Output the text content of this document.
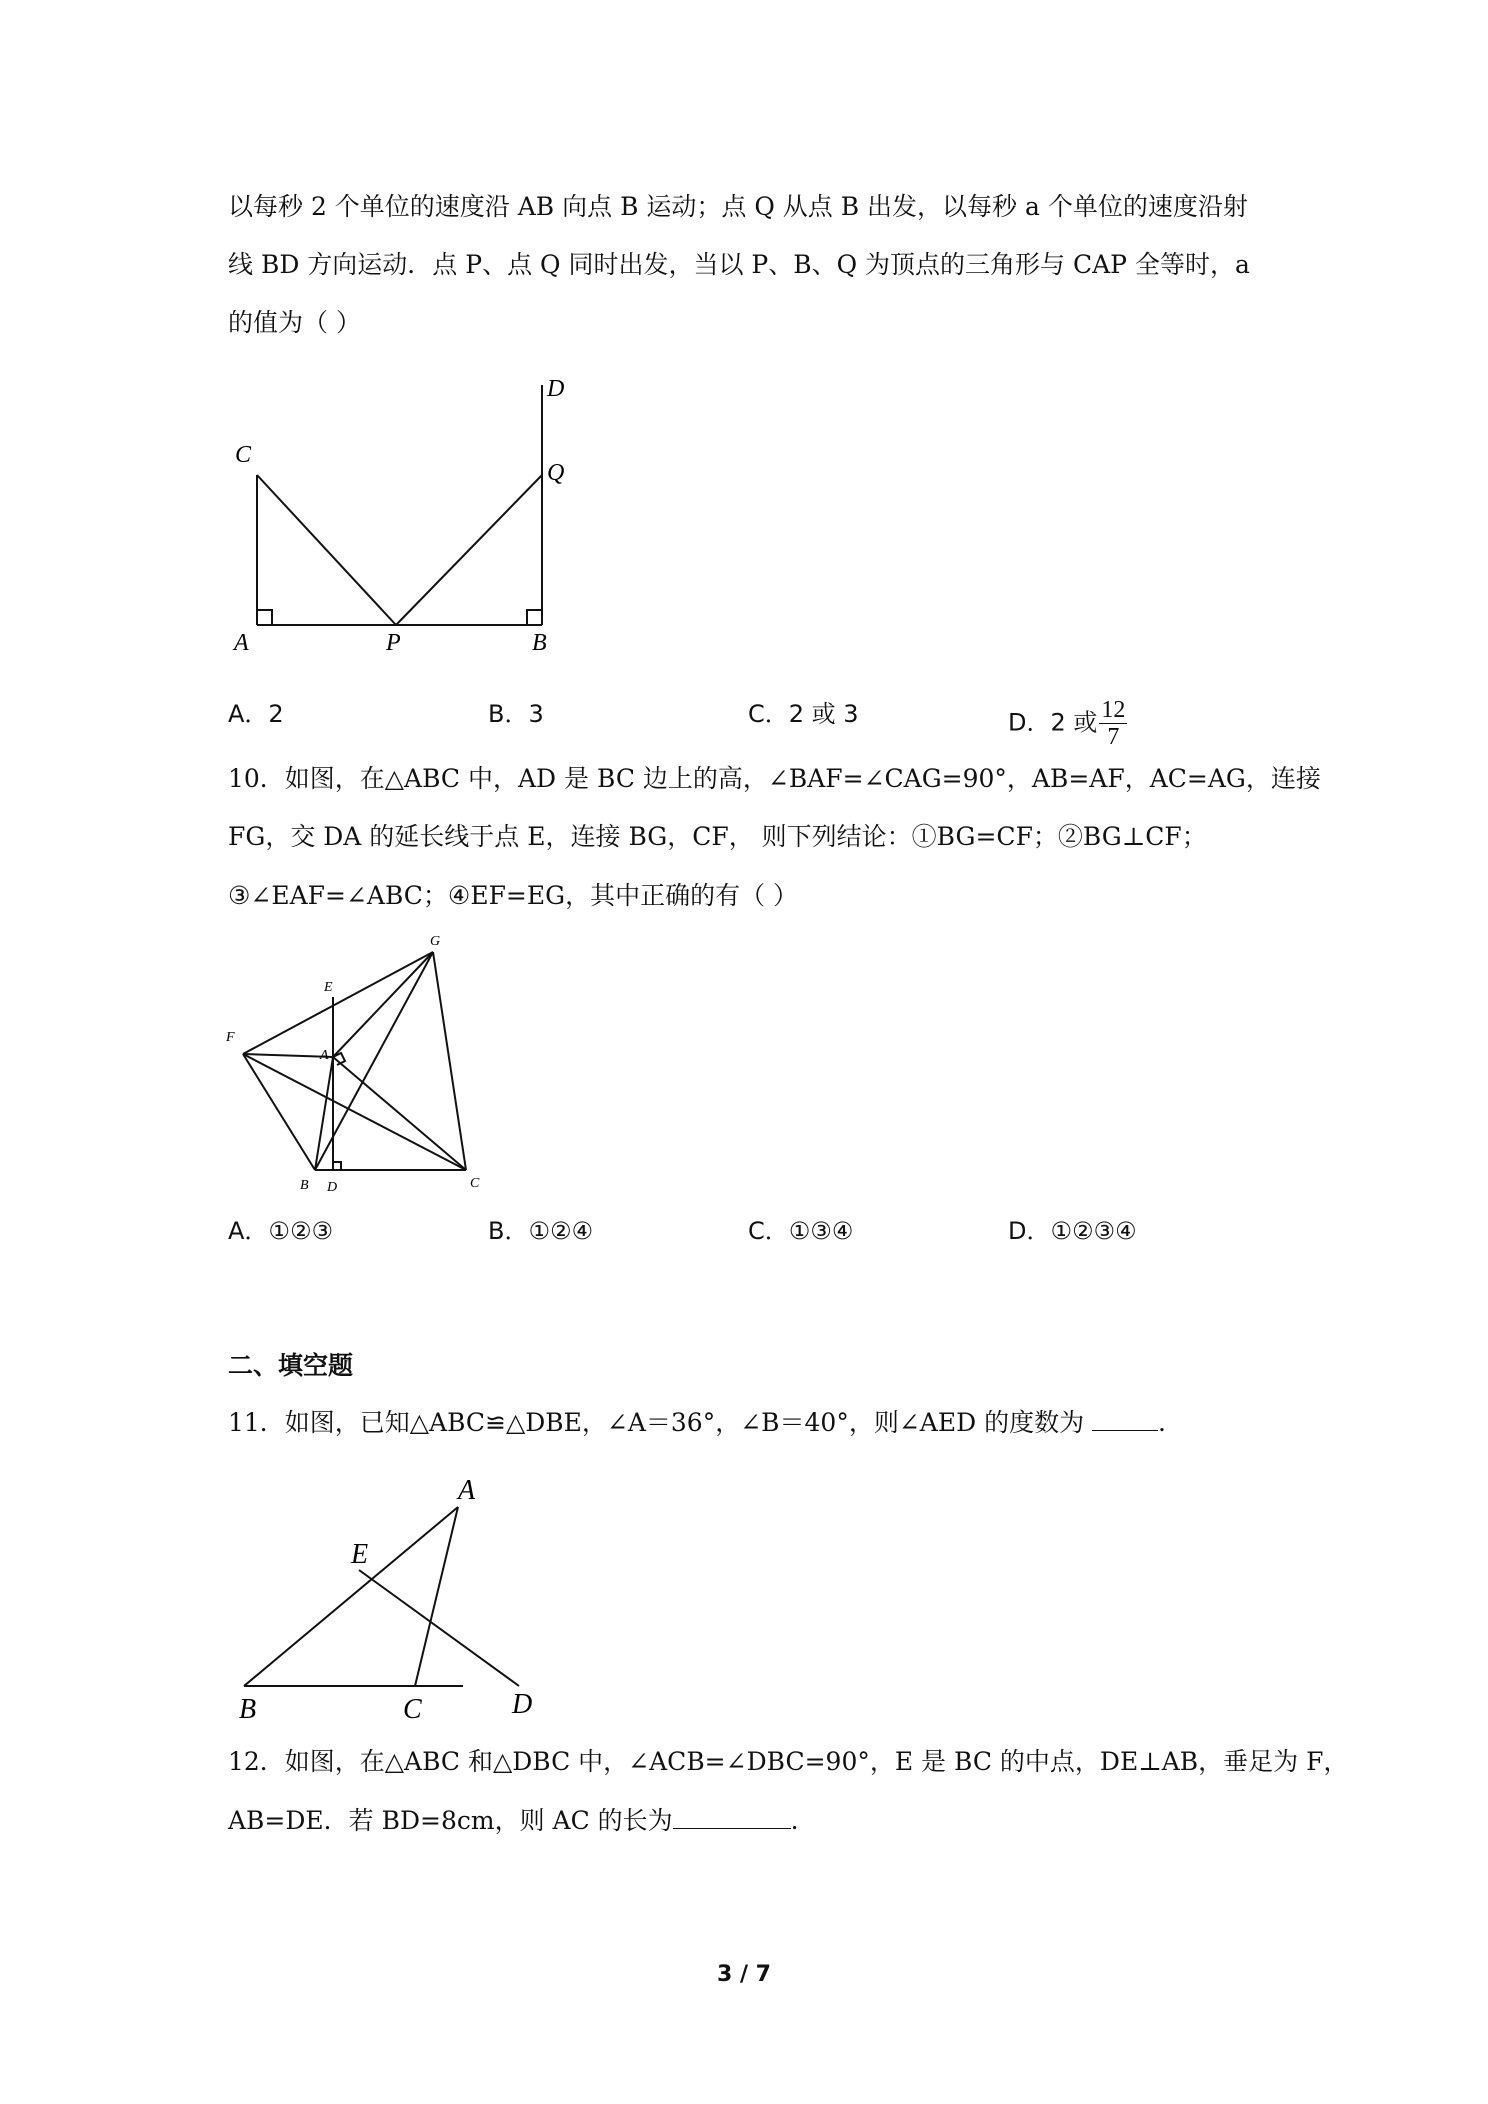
以每秒 2 个单位的速度沿 AB 向点 B 运动；点 Q 从点 B 出发，以每秒 a 个单位的速度沿射
线 BD 方向运动．点 P、点 Q 同时出发，当以 P、B、Q 为顶点的三角形与 CAP 全等时，a
的值为（ ）
C
A	P	B
Q
D
A．2	B．3	C．2 或 3	D．2 或 $\frac{12}{7}$
10．如图，在△ABC 中，AD 是 BC 边上的高，∠BAF=∠CAG=90°，AB=AF，AC=AG，连接
FG，交 DA 的延长线于点 E，连接 BG，CF， 则下列结论：①BG=CF；②BG⊥CF；
③∠EAF=∠ABC；④EF=EG，其中正确的有（ ）
G
E
F
A
B D	C
A．①②③	B．①②④	C．①③④	D．①②③④
二、填空题
11．如图，已知△ABC≌△DBE，∠A＝36°，∠B＝40°，则∠AED 的度数为	.
A
E
B	C	D
12．如图，在△ABC 和△DBC 中，∠ACB=∠DBC=90°，E 是 BC 的中点，DE⊥AB，垂足为 F，
AB=DE．若 BD=8cm，则 AC 的长为	.
3 / 7
